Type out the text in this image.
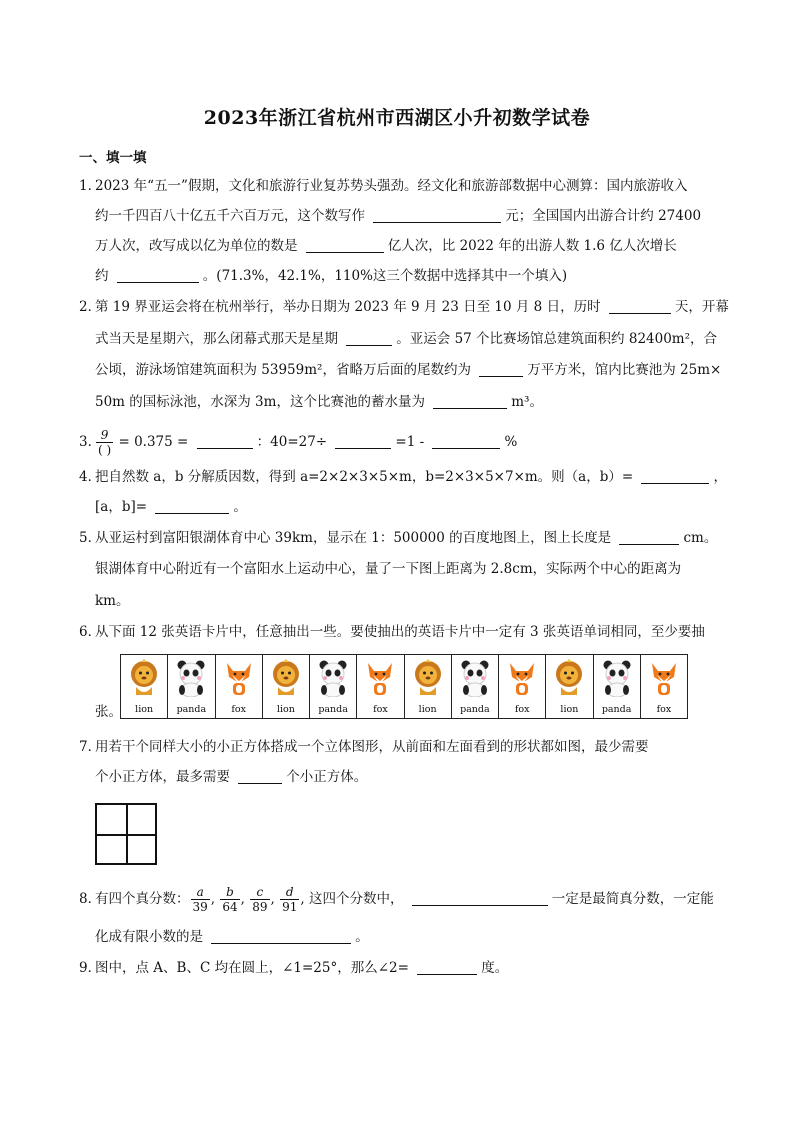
2023年浙江省杭州市西湖区小升初数学试卷
一、填一填
1．2023 年“五一”假期，文化和旅游行业复苏势头强劲。经文化和旅游部数据中心测算：国内旅游收入
约一千四百八十亿五千六百万元，这个数写作	元；全国国内出游合计约 27400
万人次，改写成以亿为单位的数是	亿人次，比 2022 年的出游人数 1.6 亿人次增长
约	。(71.3%，42.1%，110%这三个数据中选择其中一个填入)
2．第 19 界亚运会将在杭州举行，举办日期为 2023 年 9 月 23 日至 10 月 8 日，历时	天，开幕
式当天是星期六，那么闭幕式那天是星期	。亚运会 57 个比赛场馆总建筑面积约 82400m²，合
公顷，游泳场馆建筑面积为 53959m²，省略万后面的尾数约为	万平方米，馆内比赛池为 25m×
50m 的国标泳池，水深为 3m，这个比赛池的蓄水量为	m³。
3．
$\frac{9}{( )} = 0.375$ =	：40=27÷	=1 -	%
4．把自然数 a，b 分解质因数，得到 a=2×2×3×5×m，b=2×3×5×7×m。则（a，b）=	，
[a，b]=	。
5．从亚运村到富阳银湖体育中心 39km，显示在 1：500000 的百度地图上，图上长度是	cm。
银湖体育中心附近有一个富阳水上运动中心，量了一下图上距离为 2.8cm，实际两个中心的距离为
km。
6．从下面 12 张英语卡片中，任意抽出一些。要使抽出的英语卡片中一定有 3 张英语单词相同，至少要抽
张。	lion	panda	fox	lion	panda	fox	lion	panda	fox	lion	panda	fox
7．用若干个同样大小的小正方体搭成一个立体图形，从前面和左面看到的形状都如图，最少需要
个小正方体，最多需要	个小正方体。
8．有四个真分数： $\frac{a}{39}$ , $\frac{b}{64}$ , $\frac{c}{89}$ , $\frac{d}{91}$ , 这四个分数中，	一定是最简真分数，一定能
化成有限小数的是	。
9．图中，点 A、B、C 均在圆上，∠1=25°，那么∠2=	度。
